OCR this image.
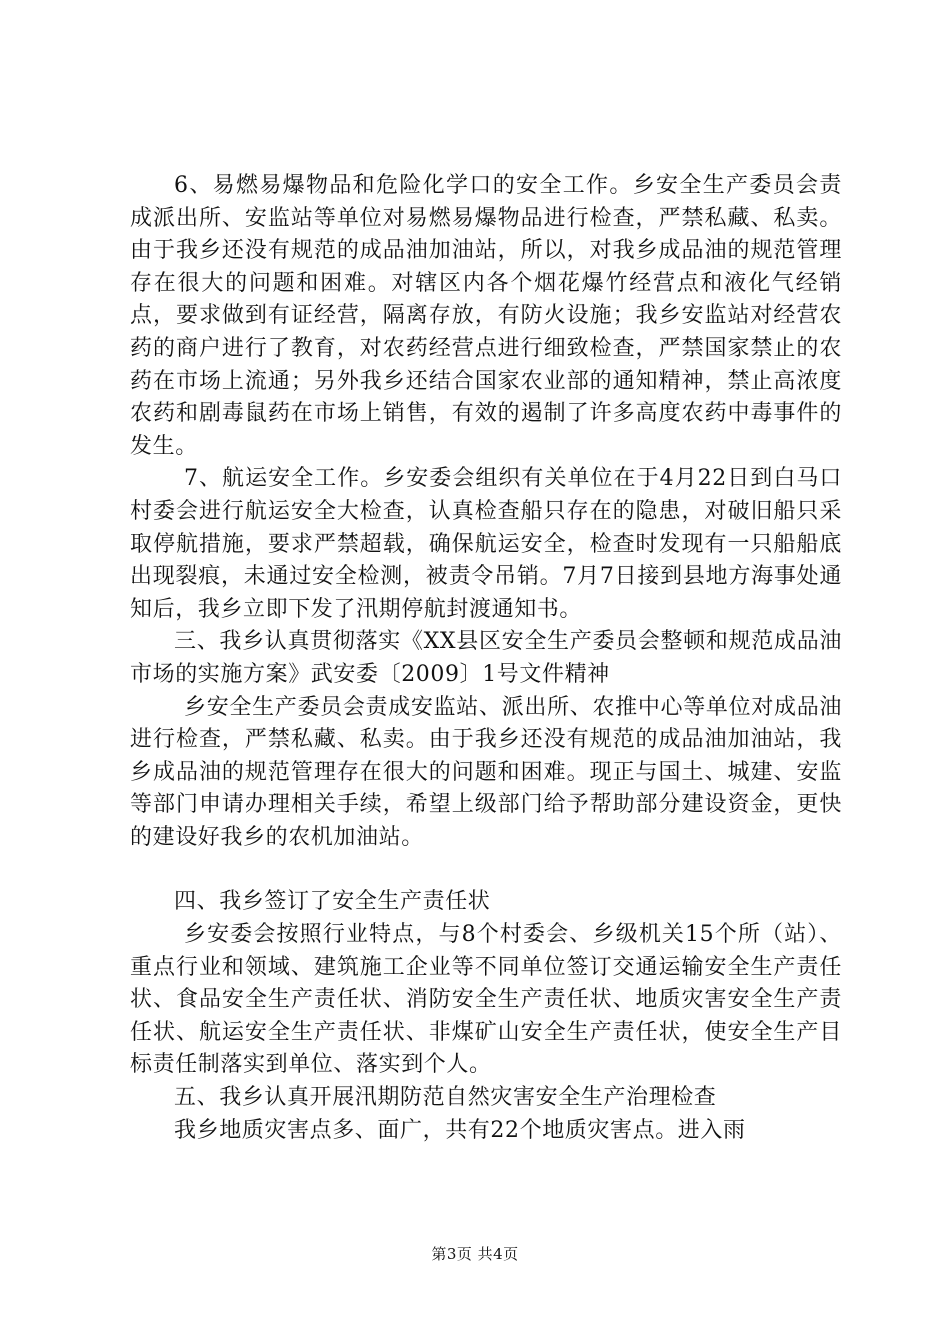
6、易燃易爆物品和危险化学口的安全工作。乡安全生产委员会责成派出所、安监站等单位对易燃易爆物品进行检查，严禁私藏、私卖。由于我乡还没有规范的成品油加油站，所以，对我乡成品油的规范管理存在很大的问题和困难。对辖区内各个烟花爆竹经营点和液化气经销点，要求做到有证经营，隔离存放，有防火设施；我乡安监站对经营农药的商户进行了教育，对农药经营点进行细致检查，严禁国家禁止的农药在市场上流通；另外我乡还结合国家农业部的通知精神，禁止高浓度农药和剧毒鼠药在市场上销售，有效的遏制了许多高度农药中毒事件的发生。

7、航运安全工作。乡安委会组织有关单位在于4月22日到白马口村委会进行航运安全大检查，认真检查船只存在的隐患，对破旧船只采取停航措施，要求严禁超载，确保航运安全，检查时发现有一只船船底出现裂痕，未通过安全检测，被责令吊销。7月7日接到县地方海事处通知后，我乡立即下发了汛期停航封渡通知书。

三、我乡认真贯彻落实《XX县区安全生产委员会整顿和规范成品油市场的实施方案》武安委〔2009〕1号文件精神

乡安全生产委员会责成安监站、派出所、农推中心等单位对成品油进行检查，严禁私藏、私卖。由于我乡还没有规范的成品油加油站，我乡成品油的规范管理存在很大的问题和困难。现正与国土、城建、安监等部门申请办理相关手续，希望上级部门给予帮助部分建设资金，更快的建设好我乡的农机加油站。

四、我乡签订了安全生产责任状

乡安委会按照行业特点，与8个村委会、乡级机关15个所（站）、重点行业和领域、建筑施工企业等不同单位签订交通运输安全生产责任状、食品安全生产责任状、消防安全生产责任状、地质灾害安全生产责任状、航运安全生产责任状、非煤矿山安全生产责任状，使安全生产目标责任制落实到单位、落实到个人。

五、我乡认真开展汛期防范自然灾害安全生产治理检查

我乡地质灾害点多、面广，共有22个地质灾害点。进入雨

第3页 共4页
